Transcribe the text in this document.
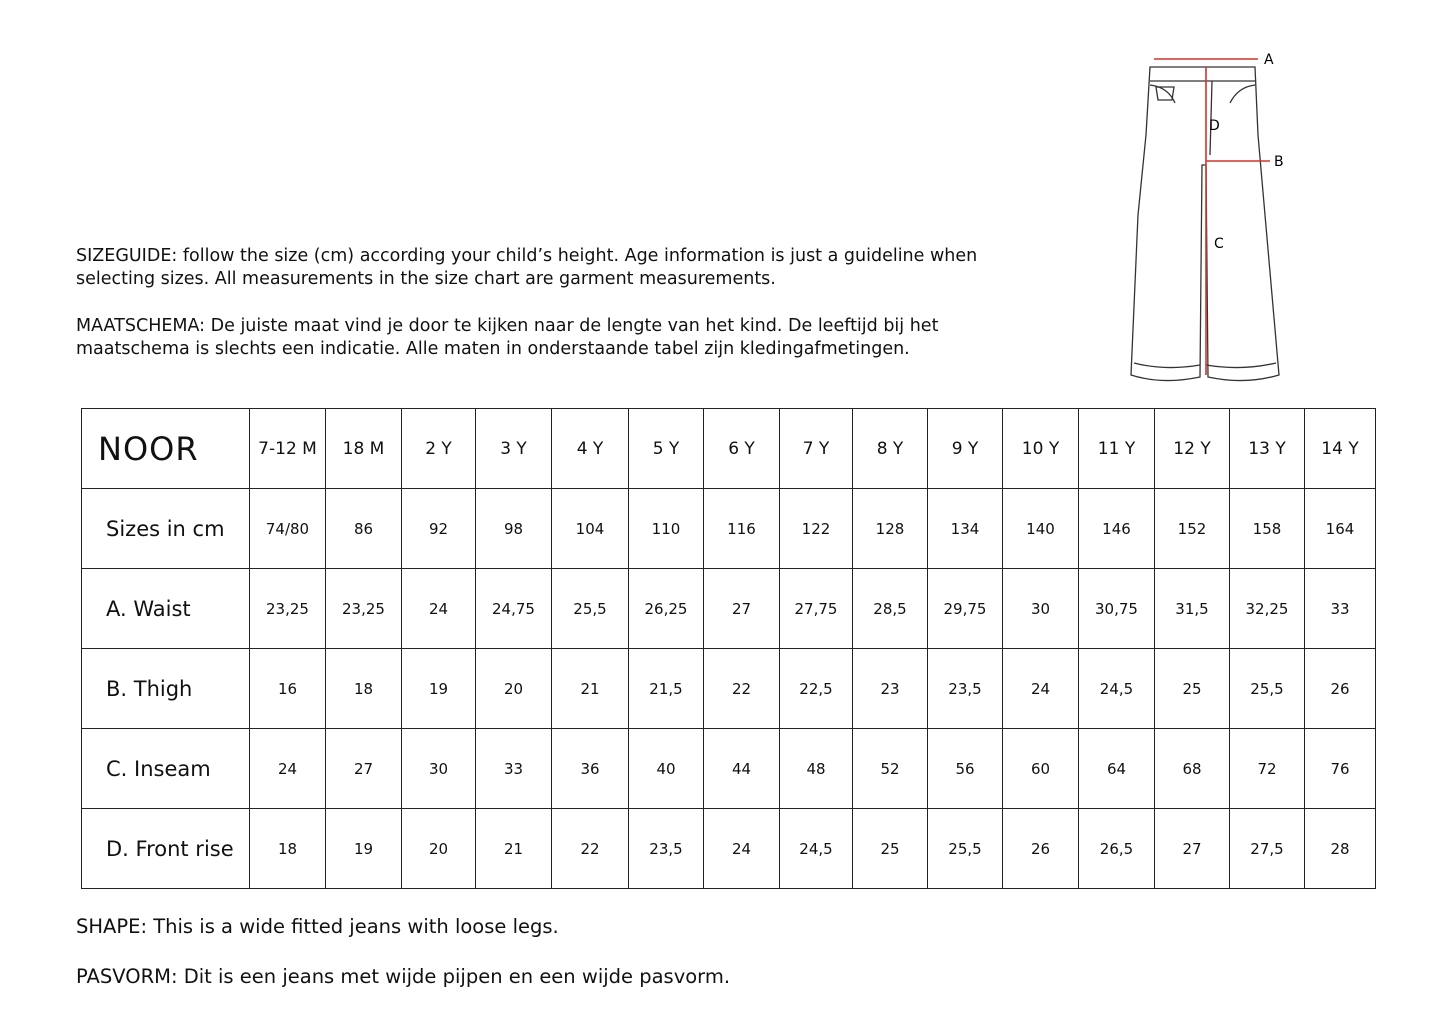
SIZEGUIDE: follow the size (cm) according your child’s height. Age information is just a guideline when selecting sizes. All measurements in the size chart are garment measurements.

MAATSCHEMA: De juiste maat vind je door te kijken naar de lengte van het kind. De leeftijd bij het maatschema is slechts een indicatie. Alle maten in onderstaande tabel zijn kledingafmetingen.

A
B
C
D
NOOR	7-12 M	18 M	2 Y	3 Y	4 Y	5 Y	6 Y	7 Y	8 Y	9 Y	10 Y	11 Y	12 Y	13 Y	14 Y
Sizes in cm	74/80	86	92	98	104	110	116	122	128	134	140	146	152	158	164
A. Waist	23,25	23,25	24	24,75	25,5	26,25	27	27,75	28,5	29,75	30	30,75	31,5	32,25	33
B. Thigh	16	18	19	20	21	21,5	22	22,5	23	23,5	24	24,5	25	25,5	26
C. Inseam	24	27	30	33	36	40	44	48	52	56	60	64	68	72	76
D. Front rise	18	19	20	21	22	23,5	24	24,5	25	25,5	26	26,5	27	27,5	28

SHAPE: This is a wide fitted jeans with loose legs.

PASVORM: Dit is een jeans met wijde pijpen en een wijde pasvorm.
